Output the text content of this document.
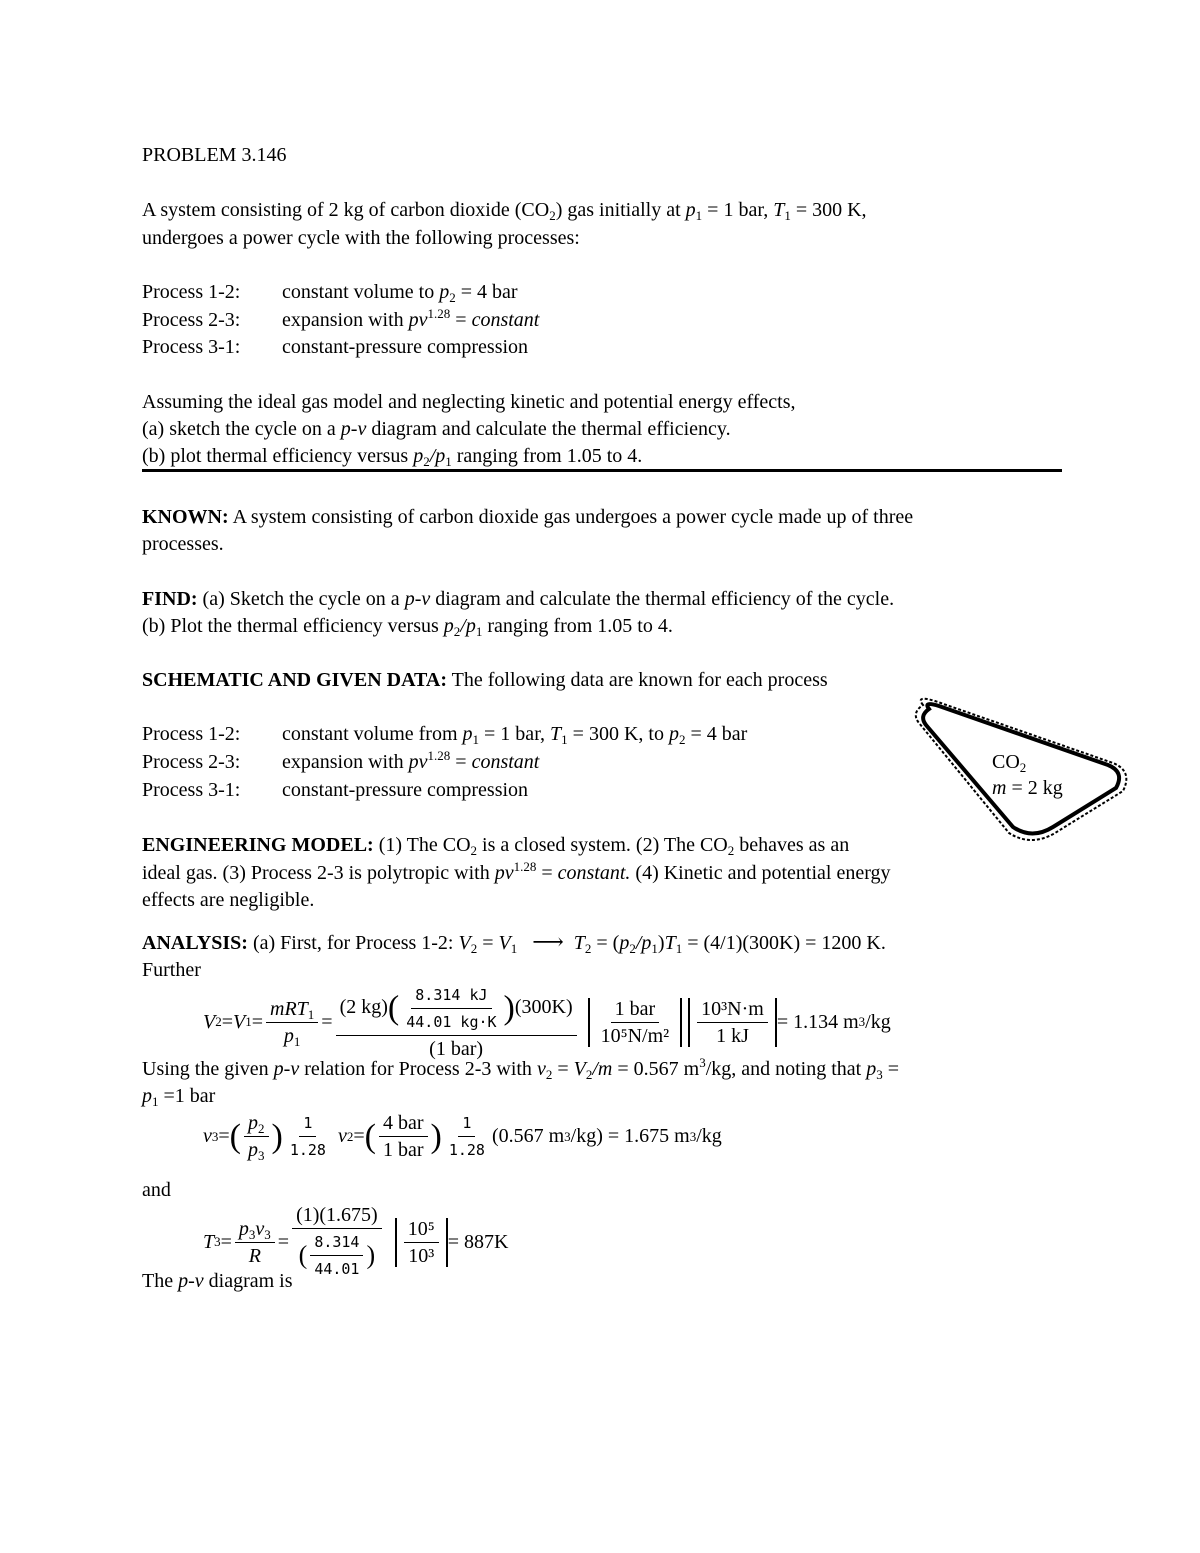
PROBLEM 3.146
A system consisting of 2 kg of carbon dioxide $(CO_2)$ gas initially at $p_1 = 1$ bar, $T_1 = 300$ K,
undergoes a power cycle with the following processes:
Process 1-2: constant volume to $p_2 = 4$ bar
Process 2-3: expansion with $pv^{1.28}$ = constant
Process 3-1: constant-pressure compression
Assuming the ideal gas model and neglecting kinetic and potential energy effects,
(a) sketch the cycle on a p-v diagram and calculate the thermal efficiency.
(b) plot thermal efficiency versus $p_2/p_1$ ranging from 1.05 to 4.
KNOWN: A system consisting of carbon dioxide gas undergoes a power cycle made up of three
processes.
FIND: (a) Sketch the cycle on a p-v diagram and calculate the thermal efficiency of the cycle.
(b) Plot the thermal efficiency versus $p_2/p_1$ ranging from 1.05 to 4.
SCHEMATIC AND GIVEN DATA: The following data are known for each process
Process 1-2: constant volume from $p_1 = 1$ bar, $T_1 = 300$ K, to $p_2 = 4$ bar
Process 2-3: expansion with $pv^{1.28}$ = constant
Process 3-1: constant-pressure compression
$CO_2$
m = 2 kg
ENGINEERING MODEL: (1) The $CO_2$ is a closed system. (2) The $CO_2$ behaves as an
ideal gas. (3) Process 2-3 is polytropic with $pv^{1.28}$ = constant. (4) Kinetic and potential energy
effects are negligible.
ANALYSIS: (a) First, for Process 1-2: $V_2 = V_1$ ⟶ $T_2 = (p_2/p_1)T_1 = (4/1)(300K) = 1200$ K.
Further
V 2 = V $1 = \frac{mRT_1}{p_1} = \frac{(2 kg)( \frac{8.314 kJ}{44.01 kg\cdot K} )(300K)}{\text{(1 bar)}} \frac{\text{1 bar}}{\text{10⁵N/m²}} \frac{\text{10³N·m}}{1 kJ} = 1.134$ m 3 /kg
Using the given p-v relation for Process 2-3 with $v_2 = V_2/m = 0.567$ $m^3/kg$, and noting that $p_3$ =
$p_1 =1$ bar
v 3 = ( $\frac{p_2}{p_3}$ ) $\frac{1}{1.28}$
v 2 = ( $\frac{\text{4 bar}}{\text{1 bar}}$ ) $\frac{1}{1.28} (0.567$ m 3 /kg) = 1.675 m 3 /kg
and
T $3 = \frac{p_3v_3}{R} = \frac{(1)(1.675)}{( \frac{8.314}{44.01} )} \frac{\text{10⁵}}{\text{10³}} = 887K$
The p-v diagram is
